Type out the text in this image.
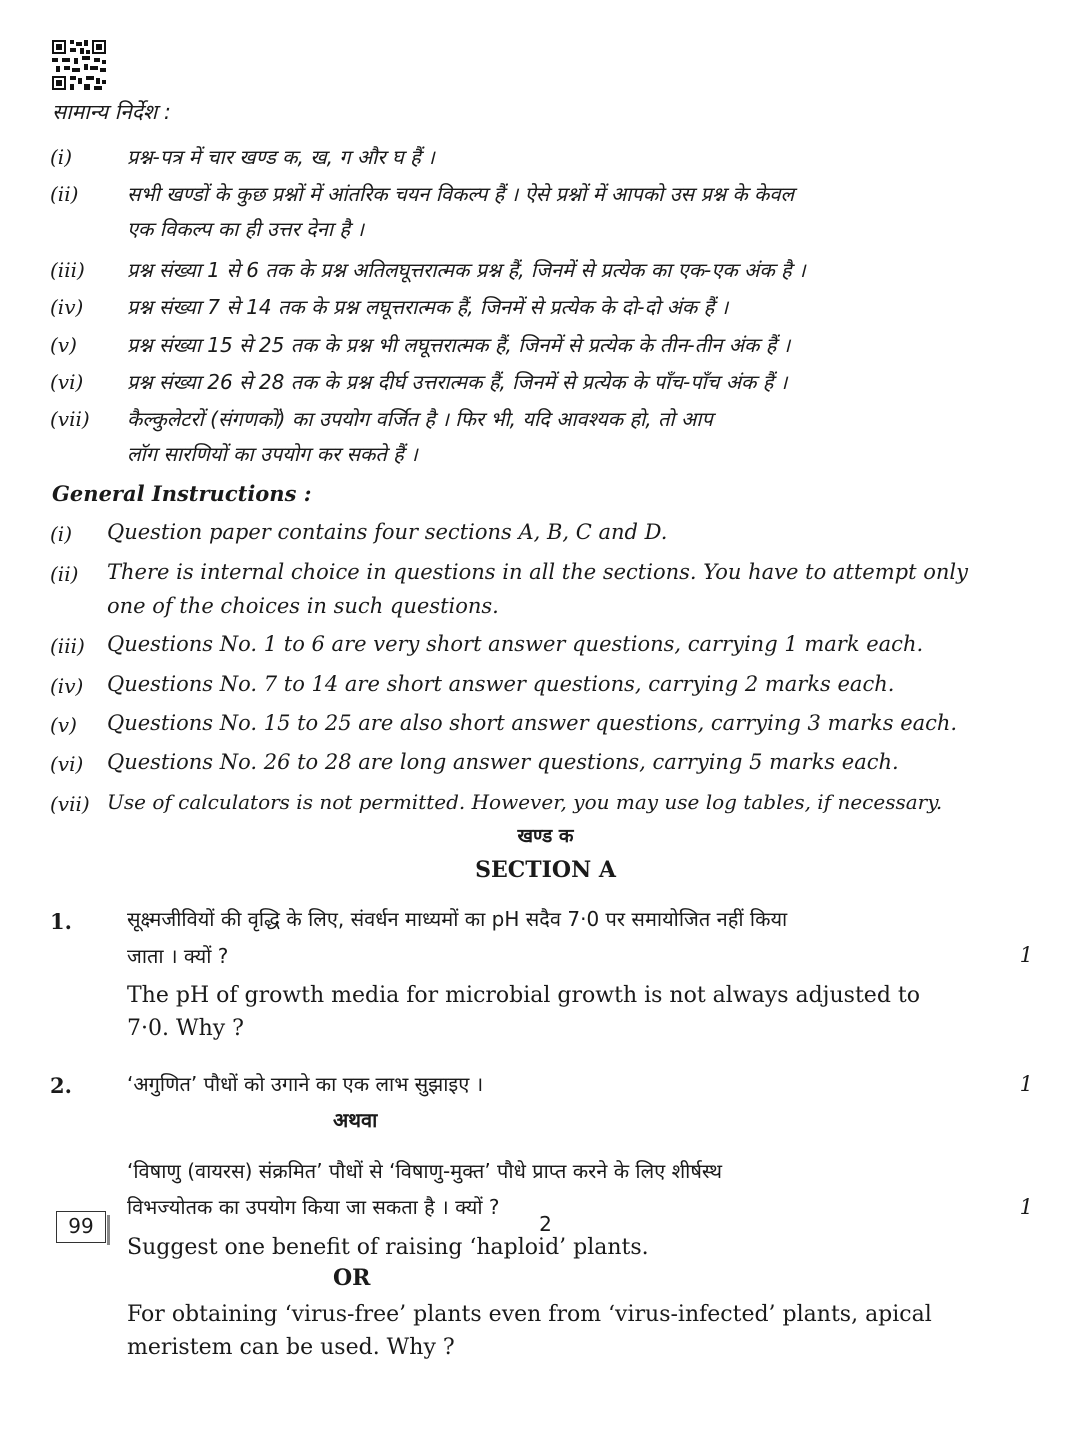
सामान्य निर्देश :
(i)	प्रश्न-पत्र में चार खण्ड क, ख, ग और घ हैं ।
(ii) सभी खण्डों के कुछ प्रश्नों में आंतरिक चयन विकल्प हैं । ऐसे प्रश्नों में आपको उस प्रश्न के केवल
एक विकल्प का ही उत्तर देना है ।
(iii) प्रश्न संख्या 1 से 6 तक के प्रश्न अतिलघूत्तरात्मक प्रश्न हैं, जिनमें से प्रत्येक का एक-एक अंक है ।
(iv) प्रश्न संख्या 7 से 14 तक के प्रश्न लघूत्तरात्मक हैं, जिनमें से प्रत्येक के दो-दो अंक हैं ।
(v)	प्रश्न संख्या 15 से 25 तक के प्रश्न भी लघूत्तरात्मक हैं, जिनमें से प्रत्येक के तीन-तीन अंक हैं ।
(vi) प्रश्न संख्या 26 से 28 तक के प्रश्न दीर्घ उत्तरात्मक हैं, जिनमें से प्रत्येक के पाँच-पाँच अंक हैं ।
(vii) कैल्कुलेटरों (संगणकों) का उपयोग वर्जित है । फिर भी, यदि आवश्यक हो, तो आप
लॉग सारणियों का उपयोग कर सकते हैं ।
General Instructions :
(i) Question paper contains four sections A, B, C and D.
(ii) There is internal choice in questions in all the sections. You have to attempt only
one of the choices in such questions.
(iii) Questions No. 1 to 6 are very short answer questions, carrying 1 mark each.
(iv) Questions No. 7 to 14 are short answer questions, carrying 2 marks each.
(v) Questions No. 15 to 25 are also short answer questions, carrying 3 marks each.
(vi) Questions No. 26 to 28 are long answer questions, carrying 5 marks each.
(vii) Use of calculators is not permitted. However, you may use log tables, if necessary.
खण्ड क
SECTION A
1.	सूक्ष्मजीवियों की वृद्धि के लिए, संवर्धन माध्यमों का pH सदैव 7·0 पर समायोजित नहीं किया
जाता । क्यों ?	1
The pH of growth media for microbial growth is not always adjusted to
7·0. Why ?
2.	‘अगुणित’ पौधों को उगाने का एक लाभ सुझाइए ।	1
अथवा
‘विषाणु (वायरस) संक्रमित’ पौधों से ‘विषाणु-मुक्त’ पौधे प्राप्त करने के लिए शीर्षस्थ
विभज्योतक का उपयोग किया जा सकता है । क्यों ?	1
Suggest one benefit of raising ‘haploid’ plants.
OR
For obtaining ‘virus-free’ plants even from ‘virus-infected’ plants, apical
meristem can be used. Why ?
99	2
